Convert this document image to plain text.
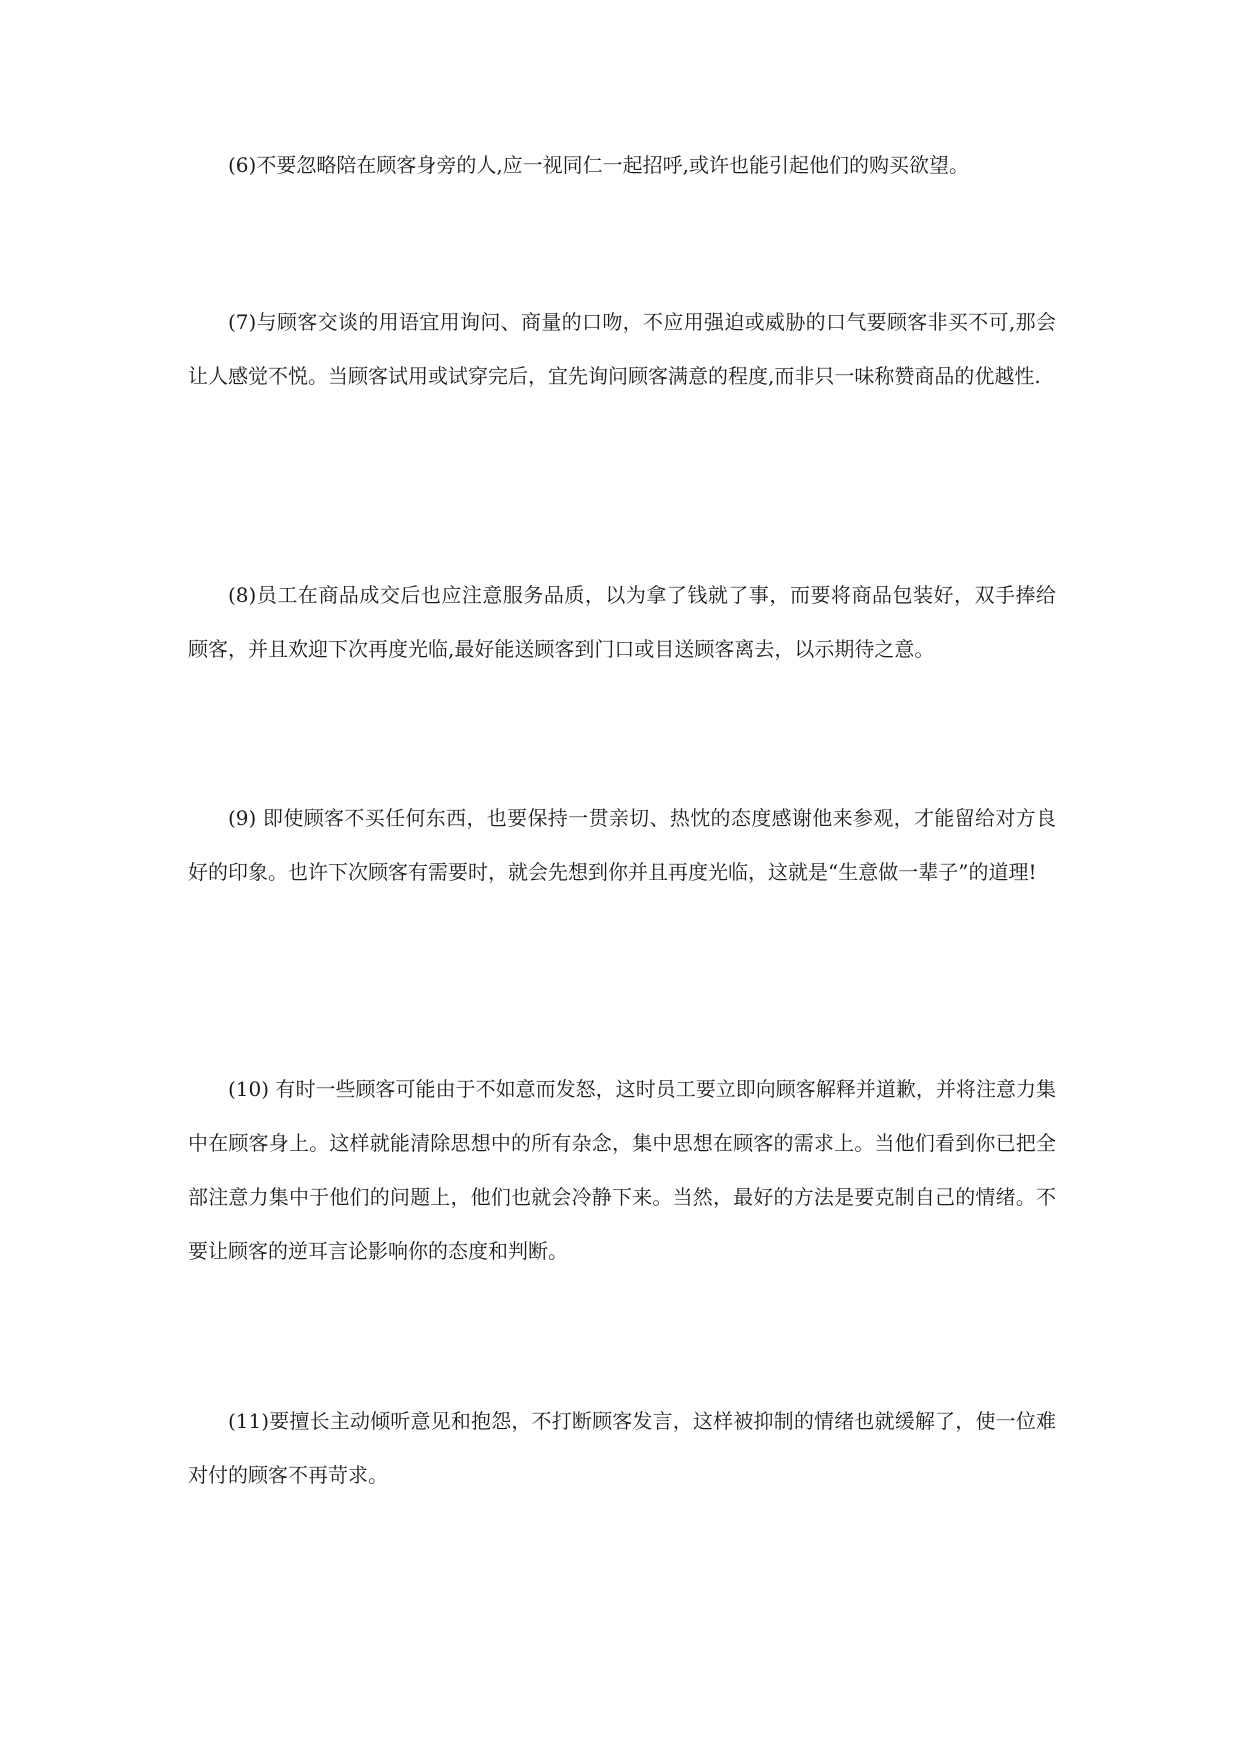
(6)不要忽略陪在顾客身旁的人,应一视同仁一起招呼,或许也能引起他们的购买欲望。

(7)与顾客交谈的用语宜用询问、商量的口吻，不应用强迫或威胁的口气要顾客非买不可,那会让人感觉不悦。当顾客试用或试穿完后，宜先询问顾客满意的程度,而非只一味称赞商品的优越性.

(8)员工在商品成交后也应注意服务品质，以为拿了钱就了事，而要将商品包装好，双手捧给顾客，并且欢迎下次再度光临,最好能送顾客到门口或目送顾客离去，以示期待之意。

(9) 即使顾客不买任何东西，也要保持一贯亲切、热忱的态度感谢他来参观，才能留给对方良好的印象。也许下次顾客有需要时，就会先想到你并且再度光临，这就是“生意做一辈子”的道理!

(10) 有时一些顾客可能由于不如意而发怒，这时员工要立即向顾客解释并道歉，并将注意力集中在顾客身上。这样就能清除思想中的所有杂念，集中思想在顾客的需求上。当他们看到你已把全部注意力集中于他们的问题上，他们也就会冷静下来。当然，最好的方法是要克制自己的情绪。不要让顾客的逆耳言论影响你的态度和判断。

(11)要擅长主动倾听意见和抱怨，不打断顾客发言，这样被抑制的情绪也就缓解了，使一位难对付的顾客不再苛求。
